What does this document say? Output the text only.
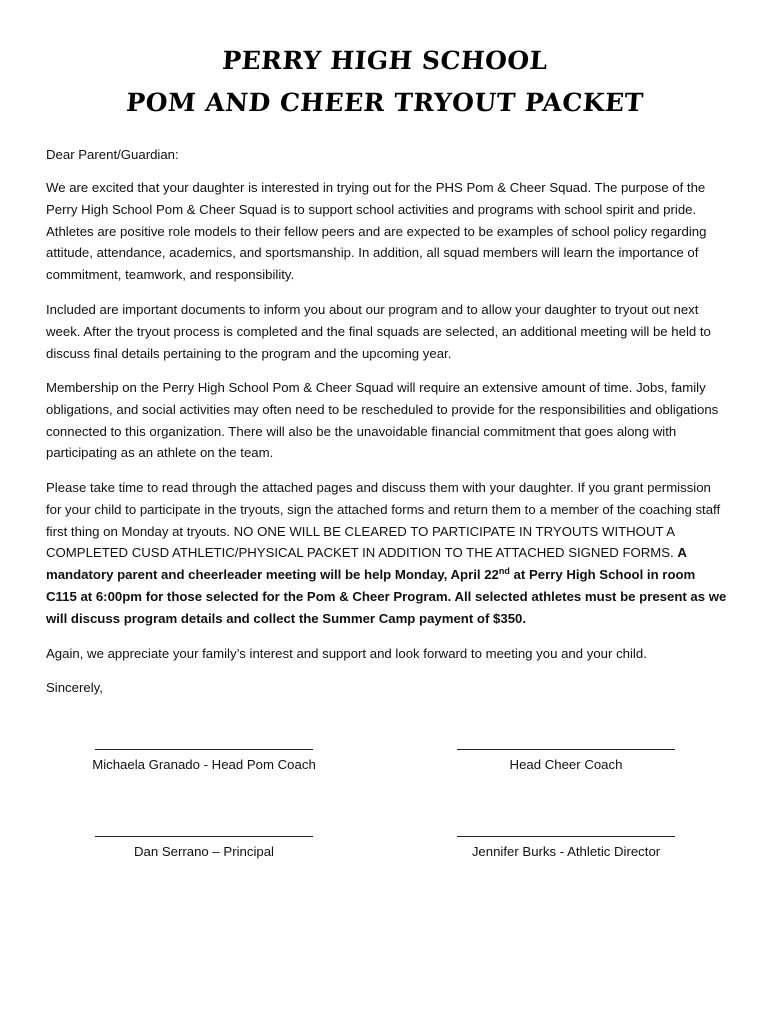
PERRY HIGH SCHOOL
POM AND CHEER TRYOUT PACKET
Dear Parent/Guardian:
We are excited that your daughter is interested in trying out for the PHS Pom & Cheer Squad. The purpose of the Perry High School Pom & Cheer Squad is to support school activities and programs with school spirit and pride. Athletes are positive role models to their fellow peers and are expected to be examples of school policy regarding attitude, attendance, academics, and sportsmanship. In addition, all squad members will learn the importance of commitment, teamwork, and responsibility.
Included are important documents to inform you about our program and to allow your daughter to tryout out next week. After the tryout process is completed and the final squads are selected, an additional meeting will be held to discuss final details pertaining to the program and the upcoming year.
Membership on the Perry High School Pom & Cheer Squad will require an extensive amount of time. Jobs, family obligations, and social activities may often need to be rescheduled to provide for the responsibilities and obligations connected to this organization. There will also be the unavoidable financial commitment that goes along with participating as an athlete on the team.
Please take time to read through the attached pages and discuss them with your daughter. If you grant permission for your child to participate in the tryouts, sign the attached forms and return them to a member of the coaching staff first thing on Monday at tryouts. NO ONE WILL BE CLEARED TO PARTICIPATE IN TRYOUTS WITHOUT A COMPLETED CUSD ATHLETIC/PHYSICAL PACKET IN ADDITION TO THE ATTACHED SIGNED FORMS. A mandatory parent and cheerleader meeting will be help Monday, April 22nd at Perry High School in room C115 at 6:00pm for those selected for the Pom & Cheer Program. All selected athletes must be present as we will discuss program details and collect the Summer Camp payment of $350.
Again, we appreciate your family’s interest and support and look forward to meeting you and your child.
Sincerely,
Michaela Granado - Head Pom Coach	Head Cheer Coach
Dan Serrano – Principal	Jennifer Burks - Athletic Director
